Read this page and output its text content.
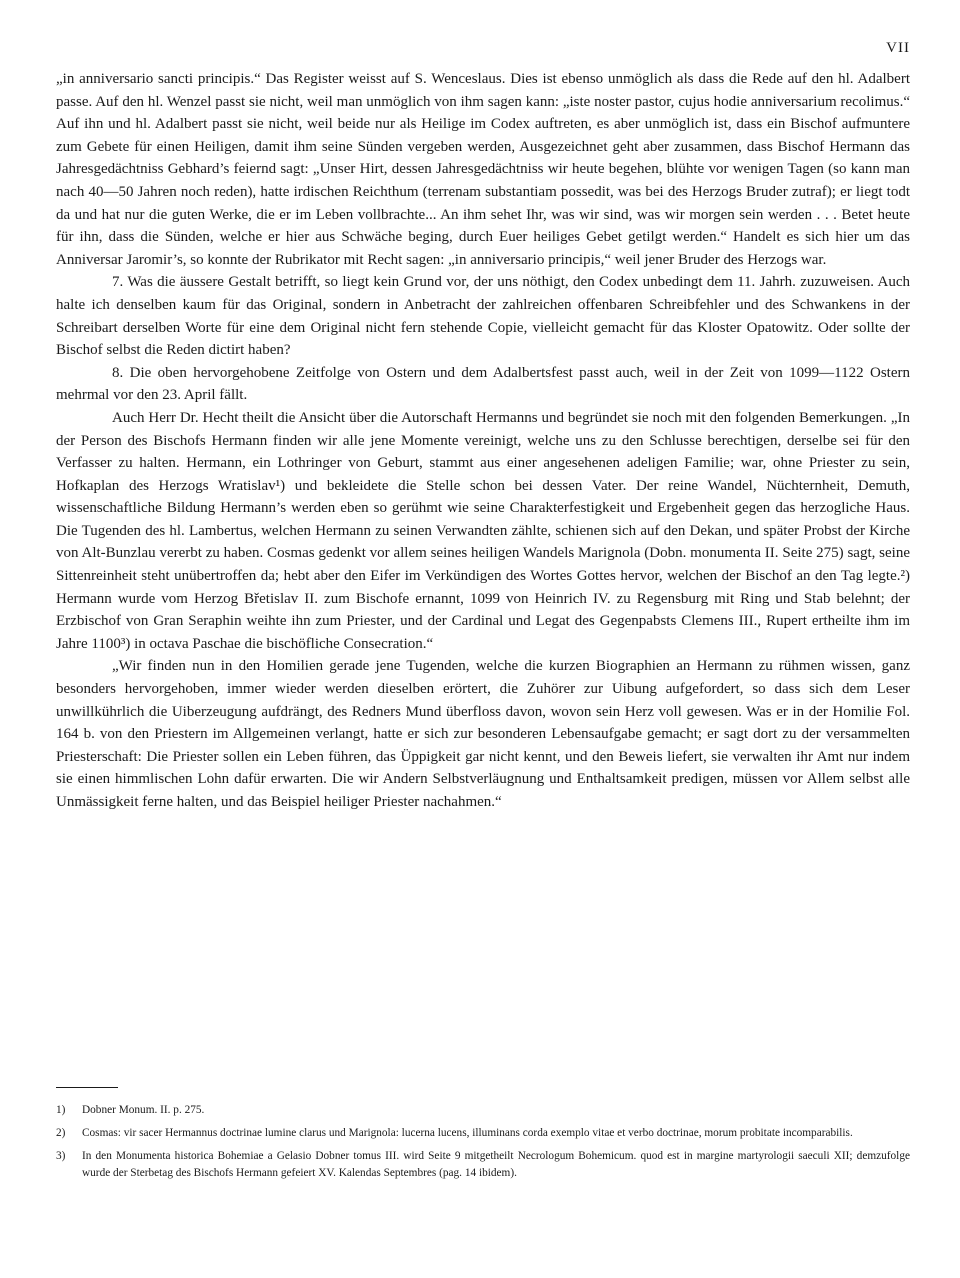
VII

„in anniversario sancti principis.“ Das Register weisst auf S. Wenceslaus. Dies ist ebenso unmöglich als dass die Rede auf den hl. Adalbert passe. Auf den hl. Wenzel passt sie nicht, weil man unmöglich von ihm sagen kann: „iste noster pastor, cujus hodie anniversarium recolimus.“ Auf ihn und hl. Adalbert passt sie nicht, weil beide nur als Heilige im Codex auftreten, es aber unmöglich ist, dass ein Bischof aufmuntere zum Gebete für einen Heiligen, damit ihm seine Sünden vergeben werden, Ausgezeichnet geht aber zusammen, dass Bischof Hermann das Jahresgedächtniss Gebhard’s feiernd sagt: „Unser Hirt, dessen Jahresgedächtniss wir heute begehen, blühte vor wenigen Tagen (so kann man nach 40—50 Jahren noch reden), hatte irdischen Reichthum (terrenam substantiam possedit, was bei des Herzogs Bruder zutraf); er liegt todt da und hat nur die guten Werke, die er im Leben vollbrachte... An ihm sehet Ihr, was wir sind, was wir morgen sein werden . . . Betet heute für ihn, dass die Sünden, welche er hier aus Schwäche beging, durch Euer heiliges Gebet getilgt werden.“ Handelt es sich hier um das Anniversar Jaromir’s, so konnte der Rubrikator mit Recht sagen: „in anniversario principis,“ weil jener Bruder des Herzogs war.

7. Was die äussere Gestalt betrifft, so liegt kein Grund vor, der uns nöthigt, den Codex unbedingt dem 11. Jahrh. zuzuweisen. Auch halte ich denselben kaum für das Original, sondern in Anbetracht der zahlreichen offenbaren Schreibfehler und des Schwankens in der Schreibart derselben Worte für eine dem Original nicht fern stehende Copie, vielleicht gemacht für das Kloster Opatowitz. Oder sollte der Bischof selbst die Reden dictirt haben?

8. Die oben hervorgehobene Zeitfolge von Ostern und dem Adalbertsfest passt auch, weil in der Zeit von 1099—1122 Ostern mehrmal vor den 23. April fällt.

Auch Herr Dr. Hecht theilt die Ansicht über die Autorschaft Hermanns und begründet sie noch mit den folgenden Bemerkungen. „In der Person des Bischofs Hermann finden wir alle jene Momente vereinigt, welche uns zu den Schlusse berechtigen, derselbe sei für den Verfasser zu halten. Hermann, ein Lothringer von Geburt, stammt aus einer angesehenen adeligen Familie; war, ohne Priester zu sein, Hofkaplan des Herzogs Wratislav¹) und bekleidete die Stelle schon bei dessen Vater. Der reine Wandel, Nüchternheit, Demuth, wissenschaftliche Bildung Hermann’s werden eben so gerühmt wie seine Charakterfestigkeit und Ergebenheit gegen das herzogliche Haus. Die Tugenden des hl. Lambertus, welchen Hermann zu seinen Verwandten zählte, schienen sich auf den Dekan, und später Probst der Kirche von Alt-Bunzlau vererbt zu haben. Cosmas gedenkt vor allem seines heiligen Wandels Marignola (Dobn. monumenta II. Seite 275) sagt, seine Sittenreinheit steht unübertroffen da; hebt aber den Eifer im Verkündigen des Wortes Gottes hervor, welchen der Bischof an den Tag legte.²) Hermann wurde vom Herzog Břetislav II. zum Bischofe ernannt, 1099 von Heinrich IV. zu Regensburg mit Ring und Stab belehnt; der Erzbischof von Gran Seraphin weihte ihn zum Priester, und der Cardinal und Legat des Gegenpabsts Clemens III., Rupert ertheilte ihm im Jahre 1100³) in octava Paschae die bischöfliche Consecration.“

„Wir finden nun in den Homilien gerade jene Tugenden, welche die kurzen Biographien an Hermann zu rühmen wissen, ganz besonders hervorgehoben, immer wieder werden dieselben erörtert, die Zuhörer zur Uibung aufgefordert, so dass sich dem Leser unwillkührlich die Uiberzeugung aufdrängt, des Redners Mund überfloss davon, wovon sein Herz voll gewesen. Was er in der Homilie Fol. 164 b. von den Priestern im Allgemeinen verlangt, hatte er sich zur besonderen Lebensaufgabe gemacht; er sagt dort zu der versammelten Priesterschaft: Die Priester sollen ein Leben führen, das Üppigkeit gar nicht kennt, und den Beweis liefert, sie verwalten ihr Amt nur indem sie einen himmlischen Lohn dafür erwarten. Die wir Andern Selbstverläugnung und Enthaltsamkeit predigen, müssen vor Allem selbst alle Unmässigkeit ferne halten, und das Beispiel heiliger Priester nachahmen.“

1)	Dobner Monum. II. p. 275.
2)	Cosmas: vir sacer Hermannus doctrinae lumine clarus und Marignola: lucerna lucens, illuminans corda exemplo vitae et verbo doctrinae, morum probitate incomparabilis.
3)	In den Monumenta historica Bohemiae a Gelasio Dobner tomus III. wird Seite 9 mitgetheilt Necrologum Bohemicum. quod est in margine martyrologii saeculi XII; demzufolge wurde der Sterbetag des Bischofs Hermann gefeiert XV. Kalendas Septembres (pag. 14 ibidem).
